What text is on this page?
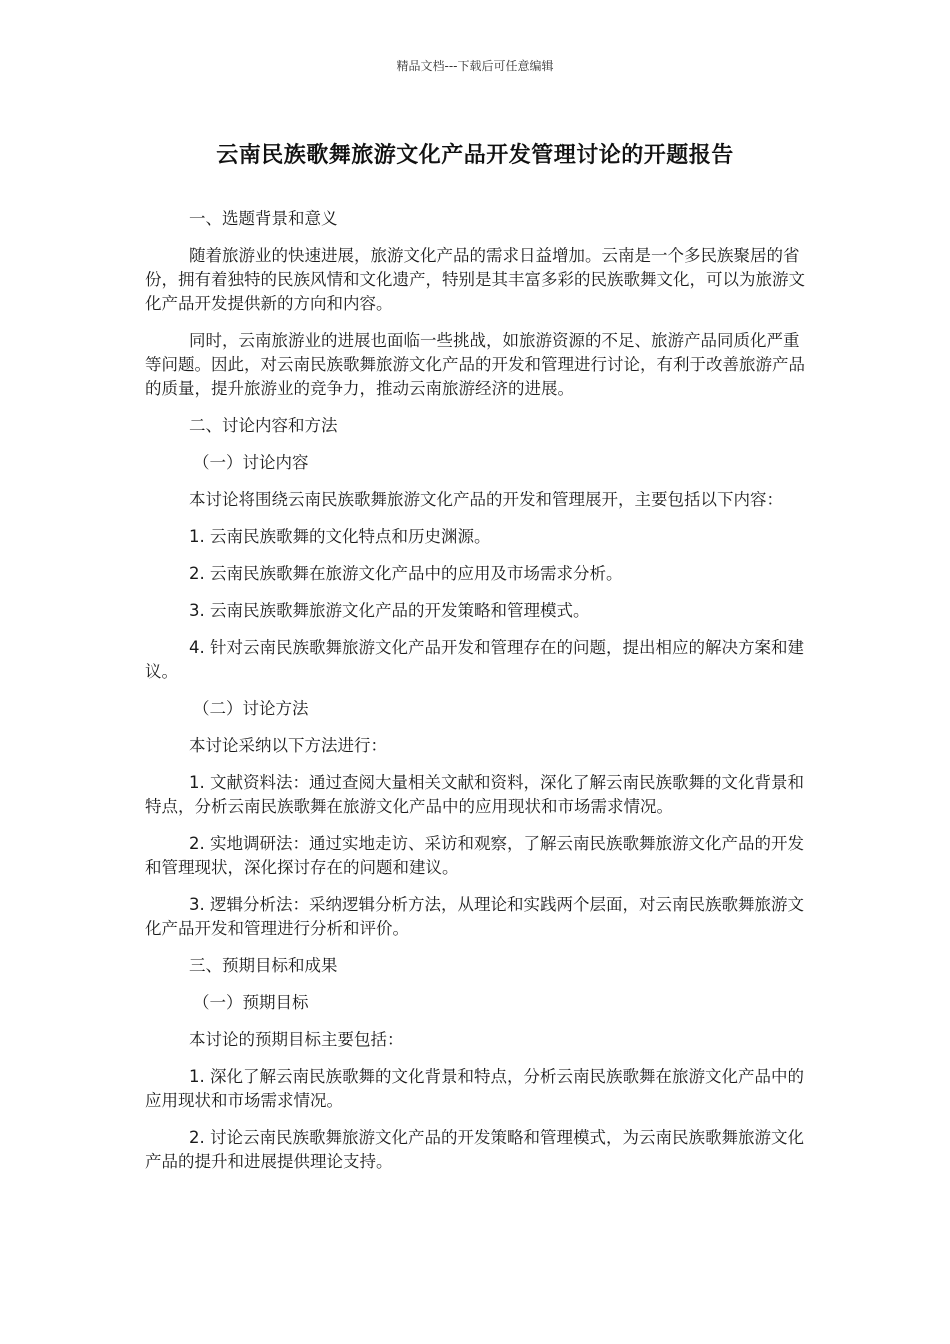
精品文档---下载后可任意编辑
云南民族歌舞旅游文化产品开发管理讨论的开题报告

一、选题背景和意义

随着旅游业的快速进展，旅游文化产品的需求日益增加。云南是一个多民族聚居的省份，拥有着独特的民族风情和文化遗产，特别是其丰富多彩的民族歌舞文化，可以为旅游文化产品开发提供新的方向和内容。

同时，云南旅游业的进展也面临一些挑战，如旅游资源的不足、旅游产品同质化严重等问题。因此，对云南民族歌舞旅游文化产品的开发和管理进行讨论，有利于改善旅游产品的质量，提升旅游业的竞争力，推动云南旅游经济的进展。

二、讨论内容和方法

（一）讨论内容

本讨论将围绕云南民族歌舞旅游文化产品的开发和管理展开，主要包括以下内容：

1. 云南民族歌舞的文化特点和历史渊源。

2. 云南民族歌舞在旅游文化产品中的应用及市场需求分析。

3. 云南民族歌舞旅游文化产品的开发策略和管理模式。

4. 针对云南民族歌舞旅游文化产品开发和管理存在的问题，提出相应的解决方案和建议。

（二）讨论方法

本讨论采纳以下方法进行：

1. 文献资料法：通过查阅大量相关文献和资料，深化了解云南民族歌舞的文化背景和特点，分析云南民族歌舞在旅游文化产品中的应用现状和市场需求情况。

2. 实地调研法：通过实地走访、采访和观察，了解云南民族歌舞旅游文化产品的开发和管理现状，深化探讨存在的问题和建议。

3. 逻辑分析法：采纳逻辑分析方法，从理论和实践两个层面，对云南民族歌舞旅游文化产品开发和管理进行分析和评价。

三、预期目标和成果

（一）预期目标

本讨论的预期目标主要包括：

1. 深化了解云南民族歌舞的文化背景和特点，分析云南民族歌舞在旅游文化产品中的应用现状和市场需求情况。

2. 讨论云南民族歌舞旅游文化产品的开发策略和管理模式，为云南民族歌舞旅游文化产品的提升和进展提供理论支持。
